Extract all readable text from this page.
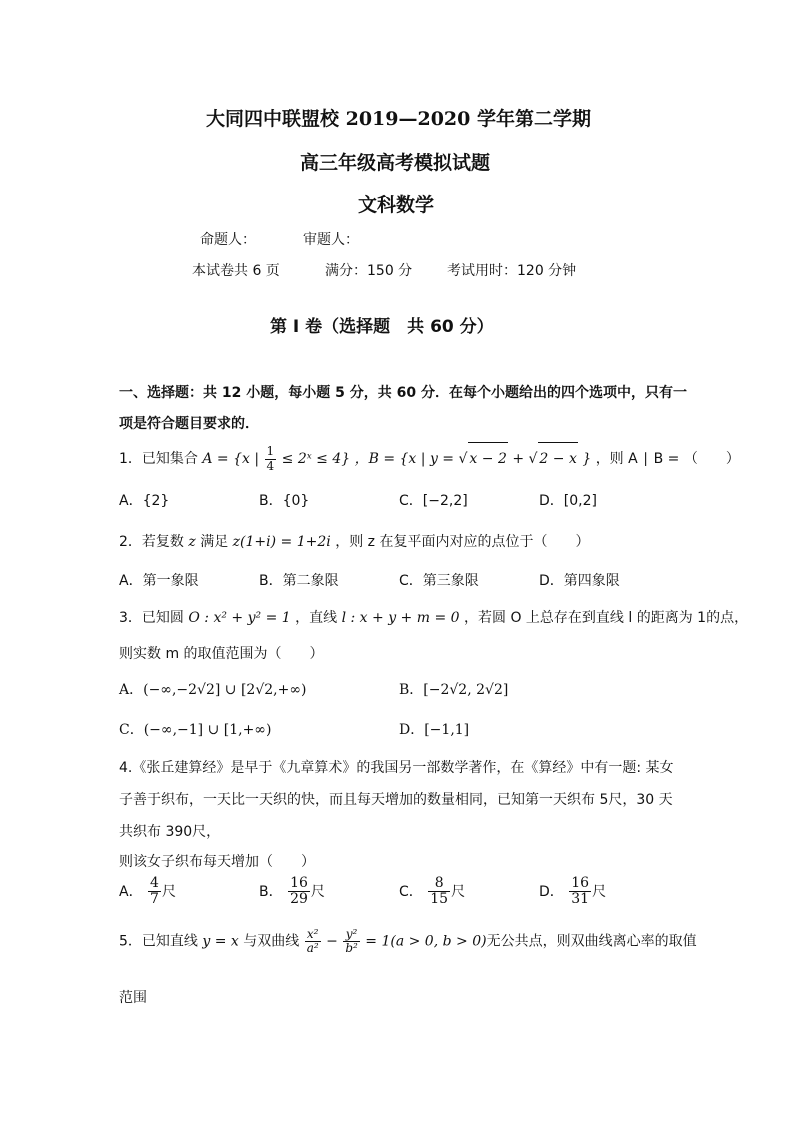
大同四中联盟校 2019—2020 学年第二学期
高三年级高考模拟试题
文科数学
命题人：	审题人：
本试卷共 6 页	满分：150 分 考试用时：120 分钟
第 Ⅰ 卷（选择题　共 60 分）
一、选择题：共 12 小题，每小题 5 分，共 60 分．在每个小题给出的四个选项中，只有一
项是符合题目要求的．
1．已知集合 A = {x | $\frac{1}{4}$ ≤ 2ˣ ≤ 4} ，B = {x | y = √ x − 2 + √ 2 − x } ，则 A ∣ B = （　　）
A．{2}	B．{0}	C．[−2,2]	D．[0,2]
2．若复数 z 满足 z(1+i) = 1+2i ，则 z 在复平面内对应的点位于（　　）
A．第一象限	B．第二象限	C．第三象限	D．第四象限
3．已知圆 O : x² + y² = 1 ，直线 l : x + y + m = 0 ，若圆 O 上总存在到直线 l 的距离为 1的点，
则实数 m 的取值范围为（　　）
A．(−∞,−2√2] ∪ [2√2,+∞)	B．[−2√2, 2√2]
C．(−∞,−1] ∪ [1,+∞)	D．[−1,1]
4.《张丘建算经》是早于《九章算术》的我国另一部数学著作，在《算经》中有一题: 某女
子善于织布，一天比一天织的快，而且每天增加的数量相同，已知第一天织布 5尺，30 天
共织布 390尺，
则该女子织布每天增加（　　）
A． $\frac{4}{7}$ 尺	B． $\frac{16}{29}$ 尺	C． $\frac{8}{15}$ 尺	D． $\frac{16}{31}$ 尺
5．已知直线 y = x 与双曲线 $\frac{\text{x²}}{\text{a²}} - \frac{\text{y²}}{\text{b²}} = 1(a > 0$, b > 0)无公共点，则双曲线离心率的取值
范围
